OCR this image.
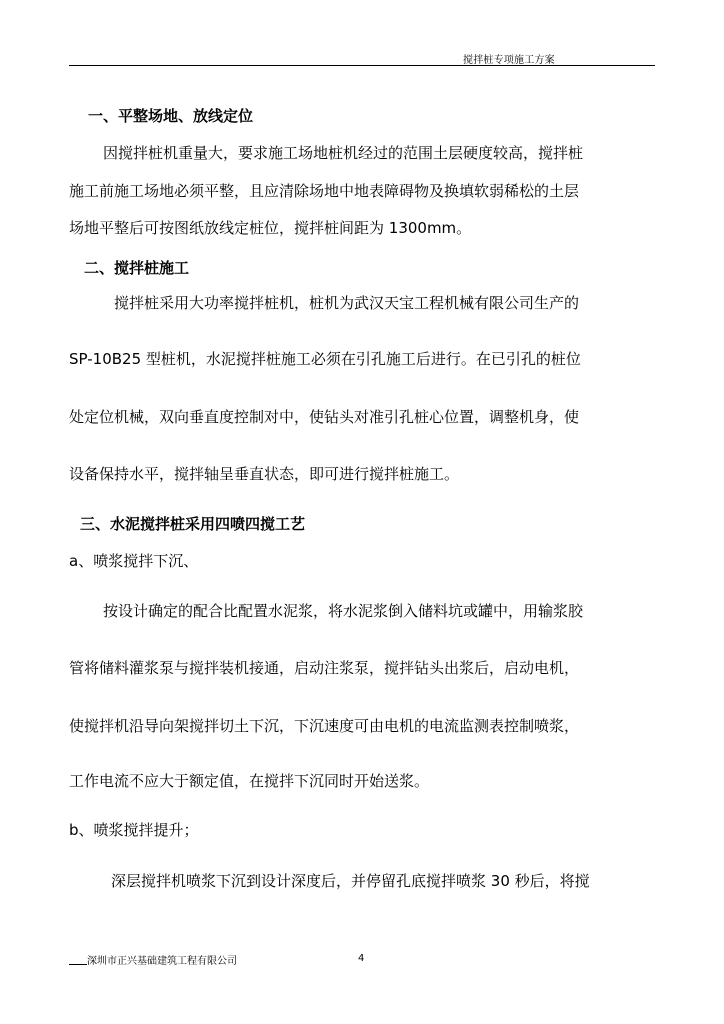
搅拌桩专项施工方案
一、平整场地、放线定位
因搅拌桩机重量大，要求施工场地桩机经过的范围土层硬度较高，搅拌桩
施工前施工场地必须平整，且应清除场地中地表障碍物及换填软弱稀松的土层
场地平整后可按图纸放线定桩位，搅拌桩间距为 1300mm。
二、搅拌桩施工
搅拌桩采用大功率搅拌桩机，桩机为武汉天宝工程机械有限公司生产的
SP-10B25 型桩机，水泥搅拌桩施工必须在引孔施工后进行。在已引孔的桩位
处定位机械，双向垂直度控制对中，使钻头对准引孔桩心位置，调整机身，使
设备保持水平，搅拌轴呈垂直状态，即可进行搅拌桩施工。
三、水泥搅拌桩采用四喷四搅工艺
a、喷浆搅拌下沉、
按设计确定的配合比配置水泥浆，将水泥浆倒入储料坑或罐中，用输浆胶
管将储料灌浆泵与搅拌装机接通，启动注浆泵，搅拌钻头出浆后，启动电机，
使搅拌机沿导向架搅拌切土下沉，下沉速度可由电机的电流监测表控制喷浆，
工作电流不应大于额定值，在搅拌下沉同时开始送浆。
b、喷浆搅拌提升；
深层搅拌机喷浆下沉到设计深度后，并停留孔底搅拌喷浆 30 秒后，将搅
深圳市正兴基础建筑工程有限公司	4
